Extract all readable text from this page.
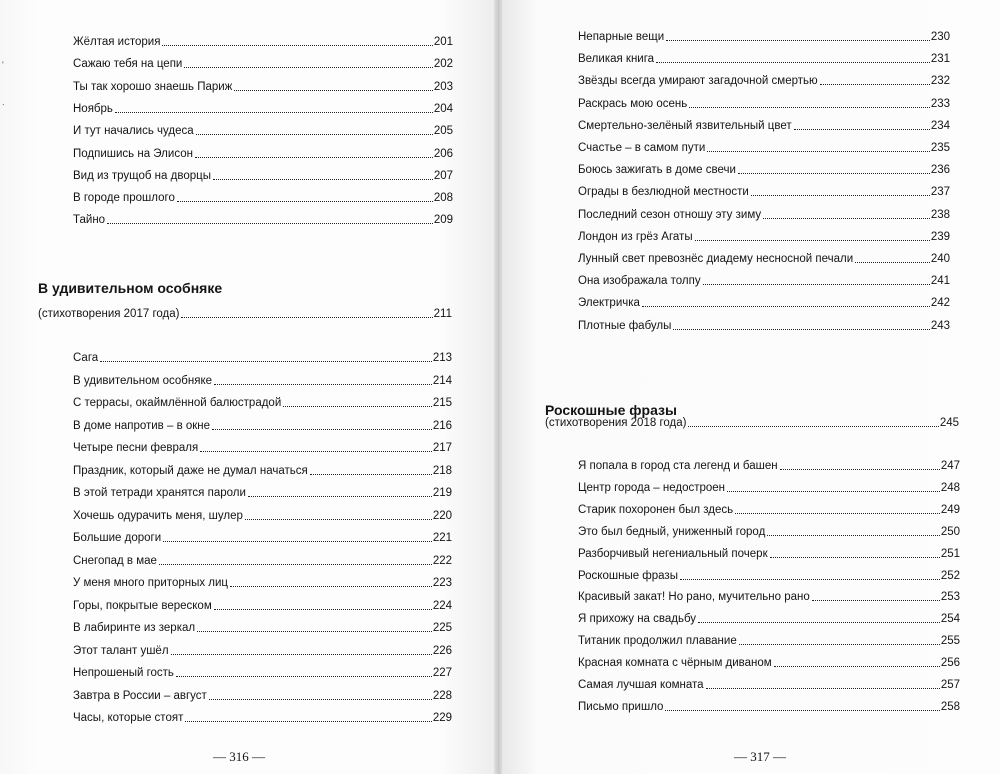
'
.
Жёлтая история	201
Сажаю тебя на цепи	202
Ты так хорошо знаешь Париж	203
Ноябрь	204
И тут начались чудеса	205
Подпишись на Элисон	206
Вид из трущоб на дворцы	207
В городе прошлого	208
Тайно	209
В удивительном особняке
(стихотворения 2017 года)	211
Сага	213
В удивительном особняке	214
С террасы, окаймлённой балюстрадой	215
В доме напротив – в окне	216
Четыре песни февраля	217
Праздник, который даже не думал начаться	218
В этой тетради хранятся пароли	219
Хочешь одурачить меня, шулер	220
Большие дороги	221
Снегопад в мае	222
У меня много приторных лиц	223
Горы, покрытые вереском	224
В лабиринте из зеркал	225
Этот талант ушёл	226
Непрошеный гость	227
Завтра в России – август	228
Часы, которые стоят	229
— 316 —
Непарные вещи	230
Великая книга	231
Звёзды всегда умирают загадочной смертью	232
Раскрась мою осень	233
Смертельно-зелёный язвительный цвет	234
Счастье – в самом пути	235
Боюсь зажигать в доме свечи	236
Ограды в безлюдной местности	237
Последний сезон отношу эту зиму	238
Лондон из грёз Агаты	239
Лунный свет превознёс диадему несносной печали	240
Она изображала толпу	241
Электричка	242
Плотные фабулы	243
Роскошные фразы
(стихотворения 2018 года)	245
Я попала в город ста легенд и башен	247
Центр города – недостроен	248
Старик похоронен был здесь	249
Это был бедный, униженный город	250
Разборчивый негениальный почерк	251
Роскошные фразы	252
Красивый закат! Но рано, мучительно рано	253
Я прихожу на свадьбу	254
Титаник продолжил плавание	255
Красная комната с чёрным диваном	256
Самая лучшая комната	257
Письмо пришло	258
— 317 —
